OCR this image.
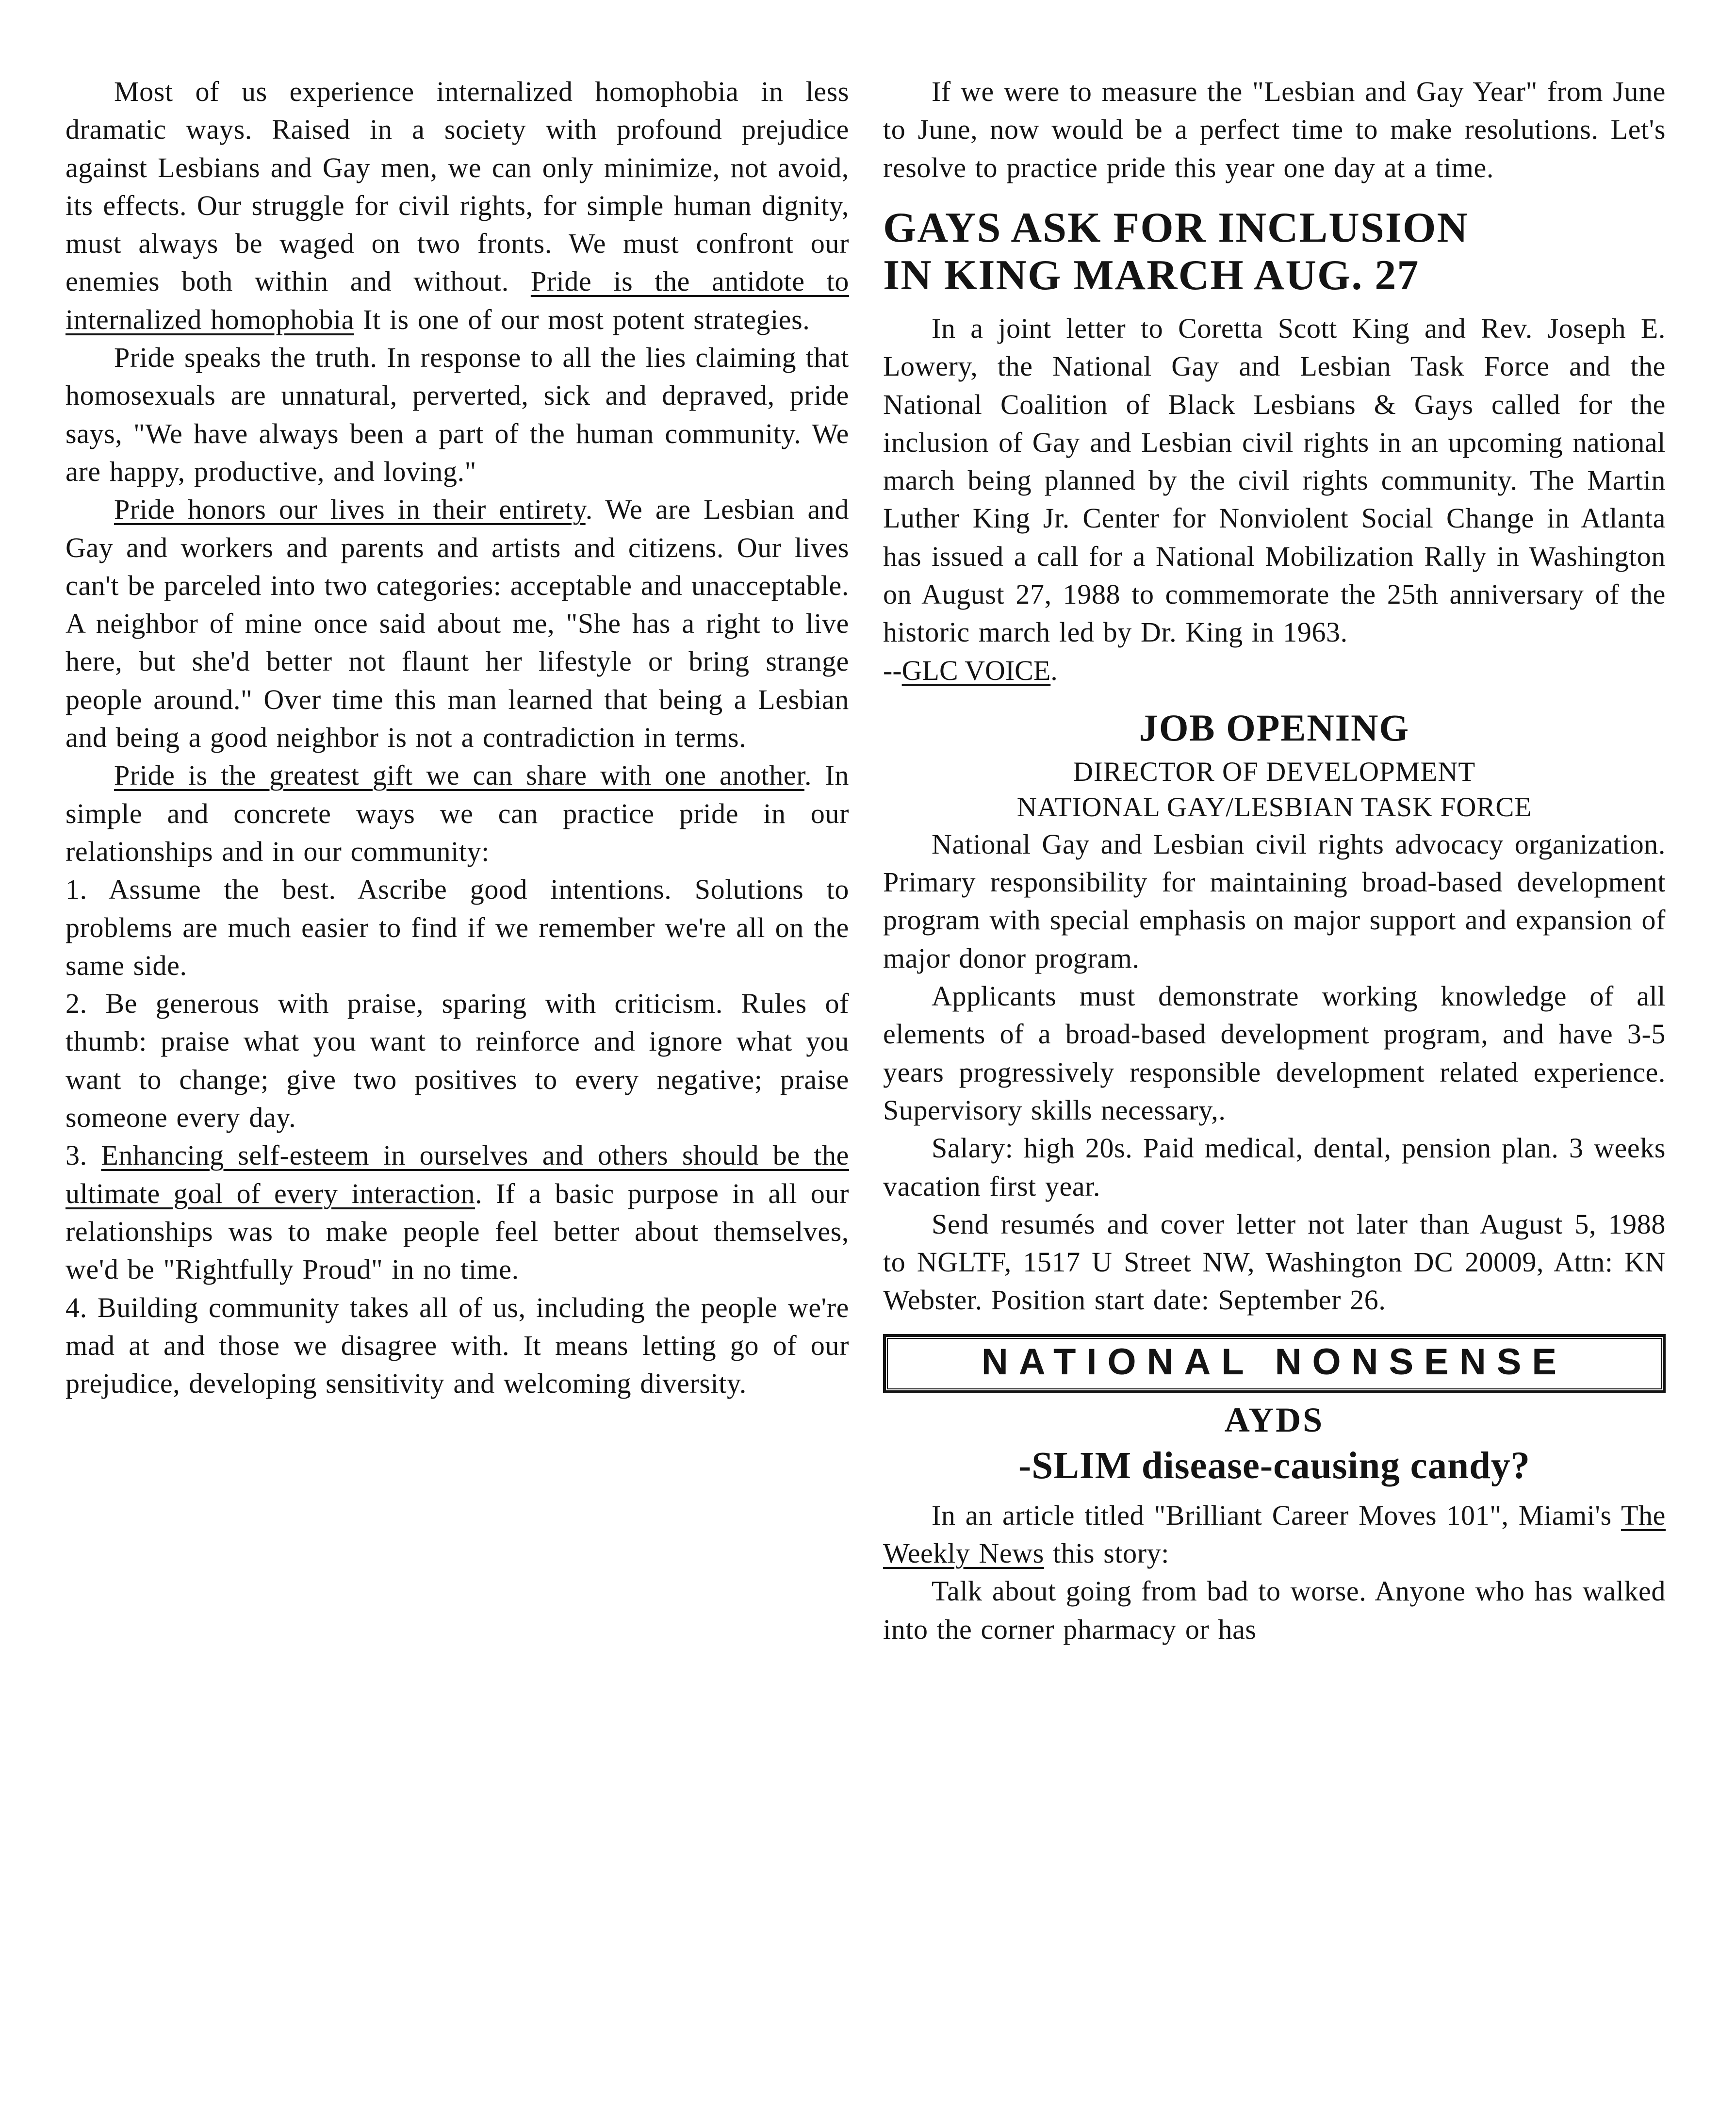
Most of us experience internalized homophobia in less dramatic ways. Raised in a society with profound prejudice against Lesbians and Gay men, we can only minimize, not avoid, its effects. Our struggle for civil rights, for simple human dignity, must always be waged on two fronts. We must confront our enemies both within and without. Pride is the antidote to internalized homophobia It is one of our most potent strategies.

Pride speaks the truth. In response to all the lies claiming that homosexuals are unnatural, perverted, sick and depraved, pride says, "We have always been a part of the human community. We are happy, productive, and loving."

Pride honors our lives in their entirety. We are Lesbian and Gay and workers and parents and artists and citizens. Our lives can't be parceled into two categories: acceptable and unacceptable. A neighbor of mine once said about me, "She has a right to live here, but she'd better not flaunt her lifestyle or bring strange people around." Over time this man learned that being a Lesbian and being a good neighbor is not a contradiction in terms.

Pride is the greatest gift we can share with one another. In simple and concrete ways we can practice pride in our relationships and in our community:

1. Assume the best. Ascribe good intentions. Solutions to problems are much easier to find if we remember we're all on the same side.

2. Be generous with praise, sparing with criticism. Rules of thumb: praise what you want to reinforce and ignore what you want to change; give two positives to every negative; praise someone every day.

3. Enhancing self-esteem in ourselves and others should be the ultimate goal of every interaction. If a basic purpose in all our relationships was to make people feel better about themselves, we'd be "Rightfully Proud" in no time.

4. Building community takes all of us, including the people we're mad at and those we disagree with. It means letting go of our prejudice, developing sensitivity and welcoming diversity.

If we were to measure the "Lesbian and Gay Year" from June to June, now would be a perfect time to make resolutions. Let's resolve to practice pride this year one day at a time.

GAYS ASK FOR INCLUSION
IN KING MARCH AUG. 27

In a joint letter to Coretta Scott King and Rev. Joseph E. Lowery, the National Gay and Lesbian Task Force and the National Coalition of Black Lesbians & Gays called for the inclusion of Gay and Lesbian civil rights in an upcoming national march being planned by the civil rights community. The Martin Luther King Jr. Center for Nonviolent Social Change in Atlanta has issued a call for a National Mobilization Rally in Washington on August 27, 1988 to commemorate the 25th anniversary of the historic march led by Dr. King in 1963.

--GLC VOICE.

JOB OPENING

DIRECTOR OF DEVELOPMENT

NATIONAL GAY/LESBIAN TASK FORCE

National Gay and Lesbian civil rights advocacy organization. Primary responsibility for maintaining broad-based development program with special emphasis on major support and expansion of major donor program.

Applicants must demonstrate working knowledge of all elements of a broad-based development program, and have 3-5 years progressively responsible development related experience. Supervisory skills necessary,.

Salary: high 20s. Paid medical, dental, pension plan. 3 weeks vacation first year.

Send resumés and cover letter not later than August 5, 1988 to NGLTF, 1517 U Street NW, Washington DC 20009, Attn: KN Webster. Position start date: September 26.

NATIONAL NONSENSE
AYDS
-SLIM disease-causing candy?

In an article titled "Brilliant Career Moves 101", Miami's The Weekly News this story:

Talk about going from bad to worse. Anyone who has walked into the corner pharmacy or has
